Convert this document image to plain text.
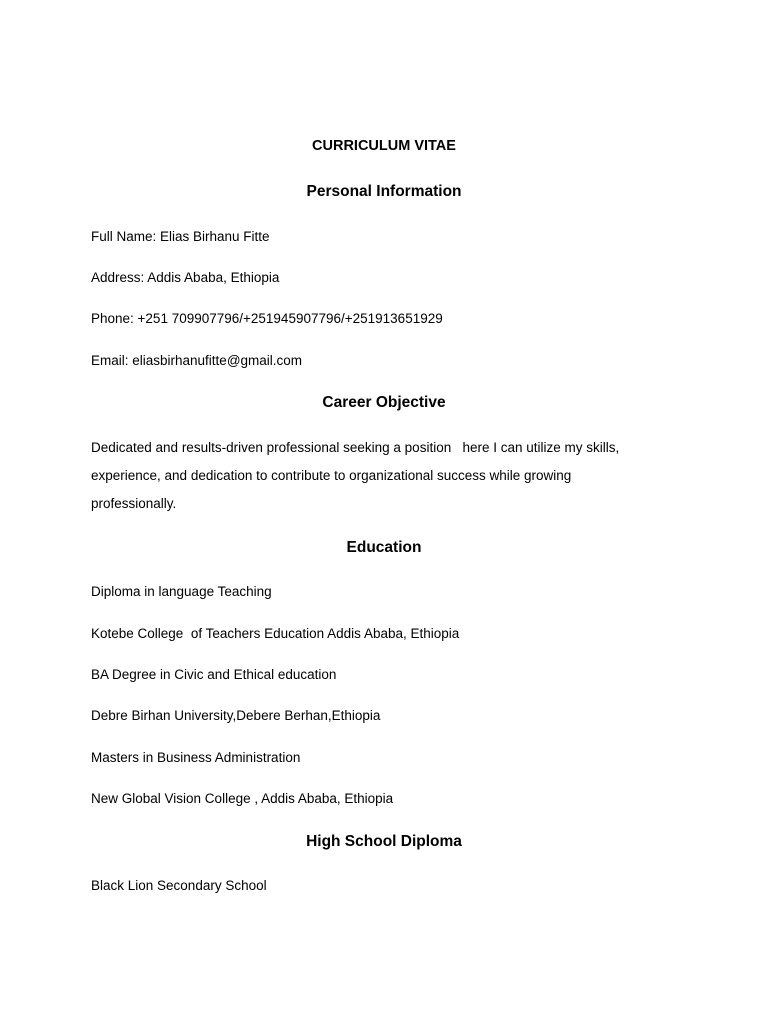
CURRICULUM VITAE
Personal Information
Full Name: Elias Birhanu Fitte
Address: Addis Ababa, Ethiopia
Phone: +251 709907796/+251945907796/+251913651929
Email: eliasbirhanufitte@gmail.com
Career Objective
Dedicated and results-driven professional seeking a position   here I can utilize my skills,
experience, and dedication to contribute to organizational success while growing
professionally.
Education
Diploma in language Teaching
Kotebe College  of Teachers Education Addis Ababa, Ethiopia
BA Degree in Civic and Ethical education
Debre Birhan University,Debere Berhan,Ethiopia
Masters in Business Administration
New Global Vision College , Addis Ababa, Ethiopia
High School Diploma
Black Lion Secondary School
